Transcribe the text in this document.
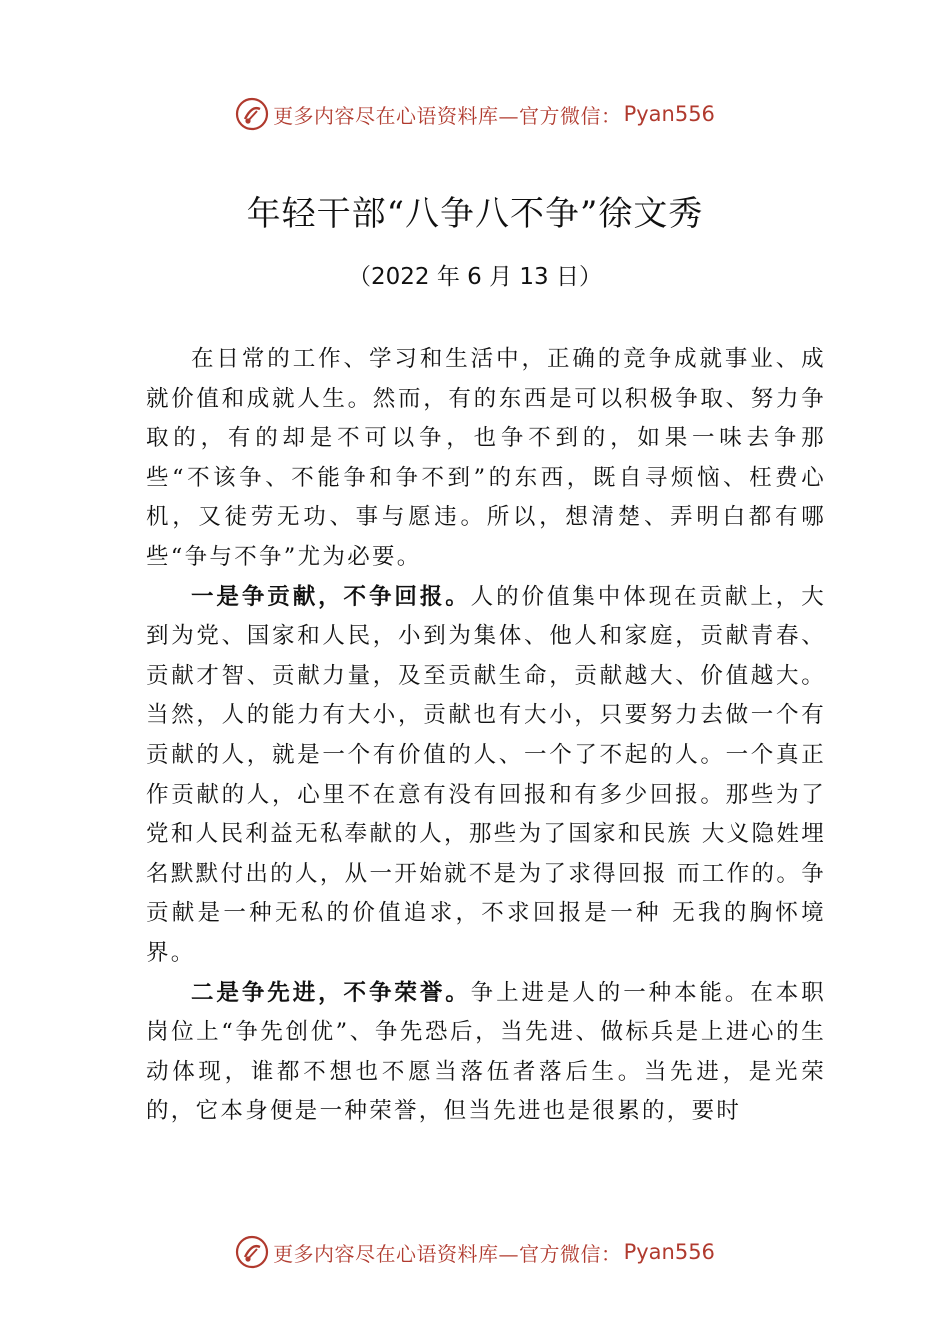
更多内容尽在心语资料库—官方微信： Pyan556
年轻干部“八争八不争”徐文秀
（2022 年 6 月 13 日）

在日常的工作、学习和生活中，正确的竞争成就事业、成就价值和成就人生。然而，有的东西是可以积极争取、努力争取的，有的却是不可以争，也争不到的，如果一味去争那些“不该争、不能争和争不到”的东西，既自寻烦恼、枉费心机，又徒劳无功、事与愿违。所以，想清楚、弄明白都有哪些“争与不争”尤为必要。

一是争贡献，不争回报。人的价值集中体现在贡献上，大到为党、国家和人民，小到为集体、他人和家庭，贡献青春、贡献才智、贡献力量，及至贡献生命，贡献越大、价值越大。当然，人的能力有大小，贡献也有大小，只要努力去做一个有贡献的人，就是一个有价值的人、一个了不起的人。一个真正作贡献的人，心里不在意有没有回报和有多少回报。那些为了党和人民利益无私奉献的人，那些为了国家和民族 大义隐姓埋名默默付出的人，从一开始就不是为了求得回报 而工作的。争贡献是一种无私的价值追求，不求回报是一种 无我的胸怀境界。

二是争先进，不争荣誉。争上进是人的一种本能。在本职岗位上“争先创优”、争先恐后，当先进、做标兵是上进心的生动体现，谁都不想也不愿当落伍者落后生。当先进，是光荣的，它本身便是一种荣誉，但当先进也是很累的，要时

更多内容尽在心语资料库—官方微信： Pyan556
